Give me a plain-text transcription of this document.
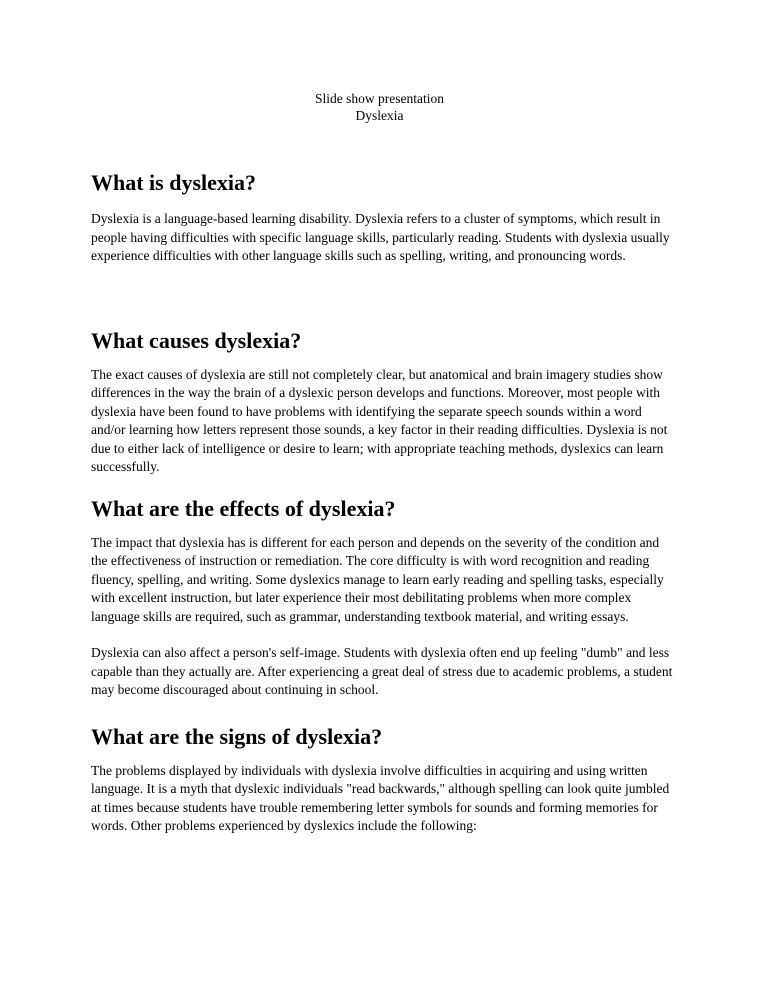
Slide show presentation
Dyslexia
What is dyslexia?

Dyslexia is a language-based learning disability. Dyslexia refers to a cluster of symptoms, which result in people having difficulties with specific language skills, particularly reading. Students with dyslexia usually experience difficulties with other language skills such as spelling, writing, and pronouncing words.

What causes dyslexia?

The exact causes of dyslexia are still not completely clear, but anatomical and brain imagery studies show differences in the way the brain of a dyslexic person develops and functions. Moreover, most people with dyslexia have been found to have problems with identifying the separate speech sounds within a word and/or learning how letters represent those sounds, a key factor in their reading difficulties. Dyslexia is not due to either lack of intelligence or desire to learn; with appropriate teaching methods, dyslexics can learn successfully.

What are the effects of dyslexia?

The impact that dyslexia has is different for each person and depends on the severity of the condition and the effectiveness of instruction or remediation. The core difficulty is with word recognition and reading fluency, spelling, and writing. Some dyslexics manage to learn early reading and spelling tasks, especially with excellent instruction, but later experience their most debilitating problems when more complex language skills are required, such as grammar, understanding textbook material, and writing essays.

Dyslexia can also affect a person's self-image. Students with dyslexia often end up feeling "dumb" and less capable than they actually are. After experiencing a great deal of stress due to academic problems, a student may become discouraged about continuing in school.

What are the signs of dyslexia?

The problems displayed by individuals with dyslexia involve difficulties in acquiring and using written language. It is a myth that dyslexic individuals "read backwards," although spelling can look quite jumbled at times because students have trouble remembering letter symbols for sounds and forming memories for words. Other problems experienced by dyslexics include the following:
